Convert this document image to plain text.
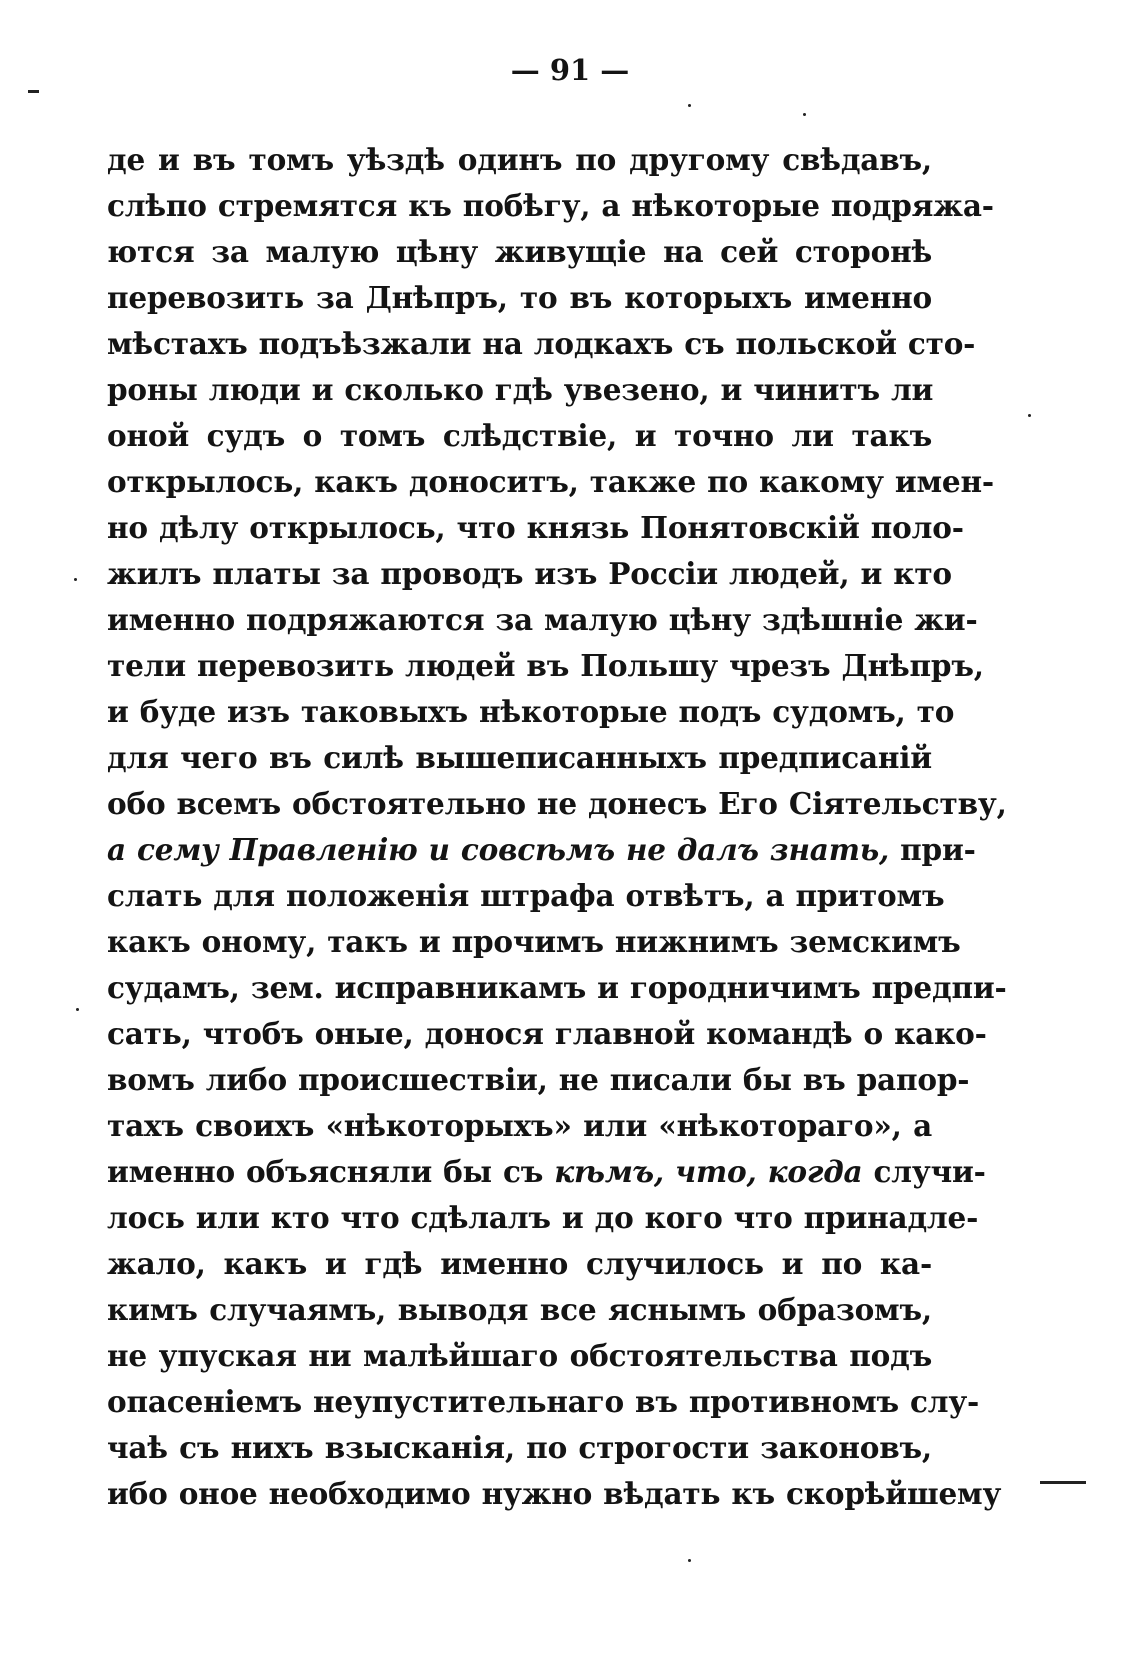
— 91 —
де и въ томъ уѣздѣ одинъ по другому свѣдавъ,
слѣпо стремятся къ побѣгу, а нѣкоторые подряжа-
ются за малую цѣну живущіе на сей сторонѣ
перевозить за Днѣпръ, то въ которыхъ именно
мѣстахъ подъѣзжали на лодкахъ съ польской сто-
роны люди и сколько гдѣ увезено, и чинитъ ли
оной судъ о томъ слѣдствіе, и точно ли такъ
открылось, какъ доноситъ, также по какому имен-
но дѣлу открылось, что князь Понятовскій поло-
жилъ платы за проводъ изъ Россіи людей, и кто
именно подряжаются за малую цѣну здѣшніе жи-
тели перевозить людей въ Польшу чрезъ Днѣпръ,
и буде изъ таковыхъ нѣкоторые подъ судомъ, то
для чего въ силѣ вышеписанныхъ предписаній
обо всемъ обстоятельно не донесъ Его Сіятельству,
а сему Правленію и совсѣмъ не далъ знать, при-
слать для положенія штрафа отвѣтъ, а притомъ
какъ оному, такъ и прочимъ нижнимъ земскимъ
судамъ, зем. исправникамъ и городничимъ предпи-
сать, чтобъ оные, донося главной командѣ о како-
вомъ либо происшествіи, не писали бы въ рапор-
тахъ своихъ «нѣкоторыхъ» или «нѣкотораго», а
именно объясняли бы съ кѣмъ, что, когда случи-
лось или кто что сдѣлалъ и до кого что принадле-
жало, какъ и гдѣ именно случилось и по ка-
кимъ случаямъ, выводя все яснымъ образомъ,
не упуская ни малѣйшаго обстоятельства подъ
опасеніемъ неупустительнаго въ противномъ слу-
чаѣ съ нихъ взысканія, по строгости законовъ,
ибо оное необходимо нужно вѣдать къ скорѣйшему
